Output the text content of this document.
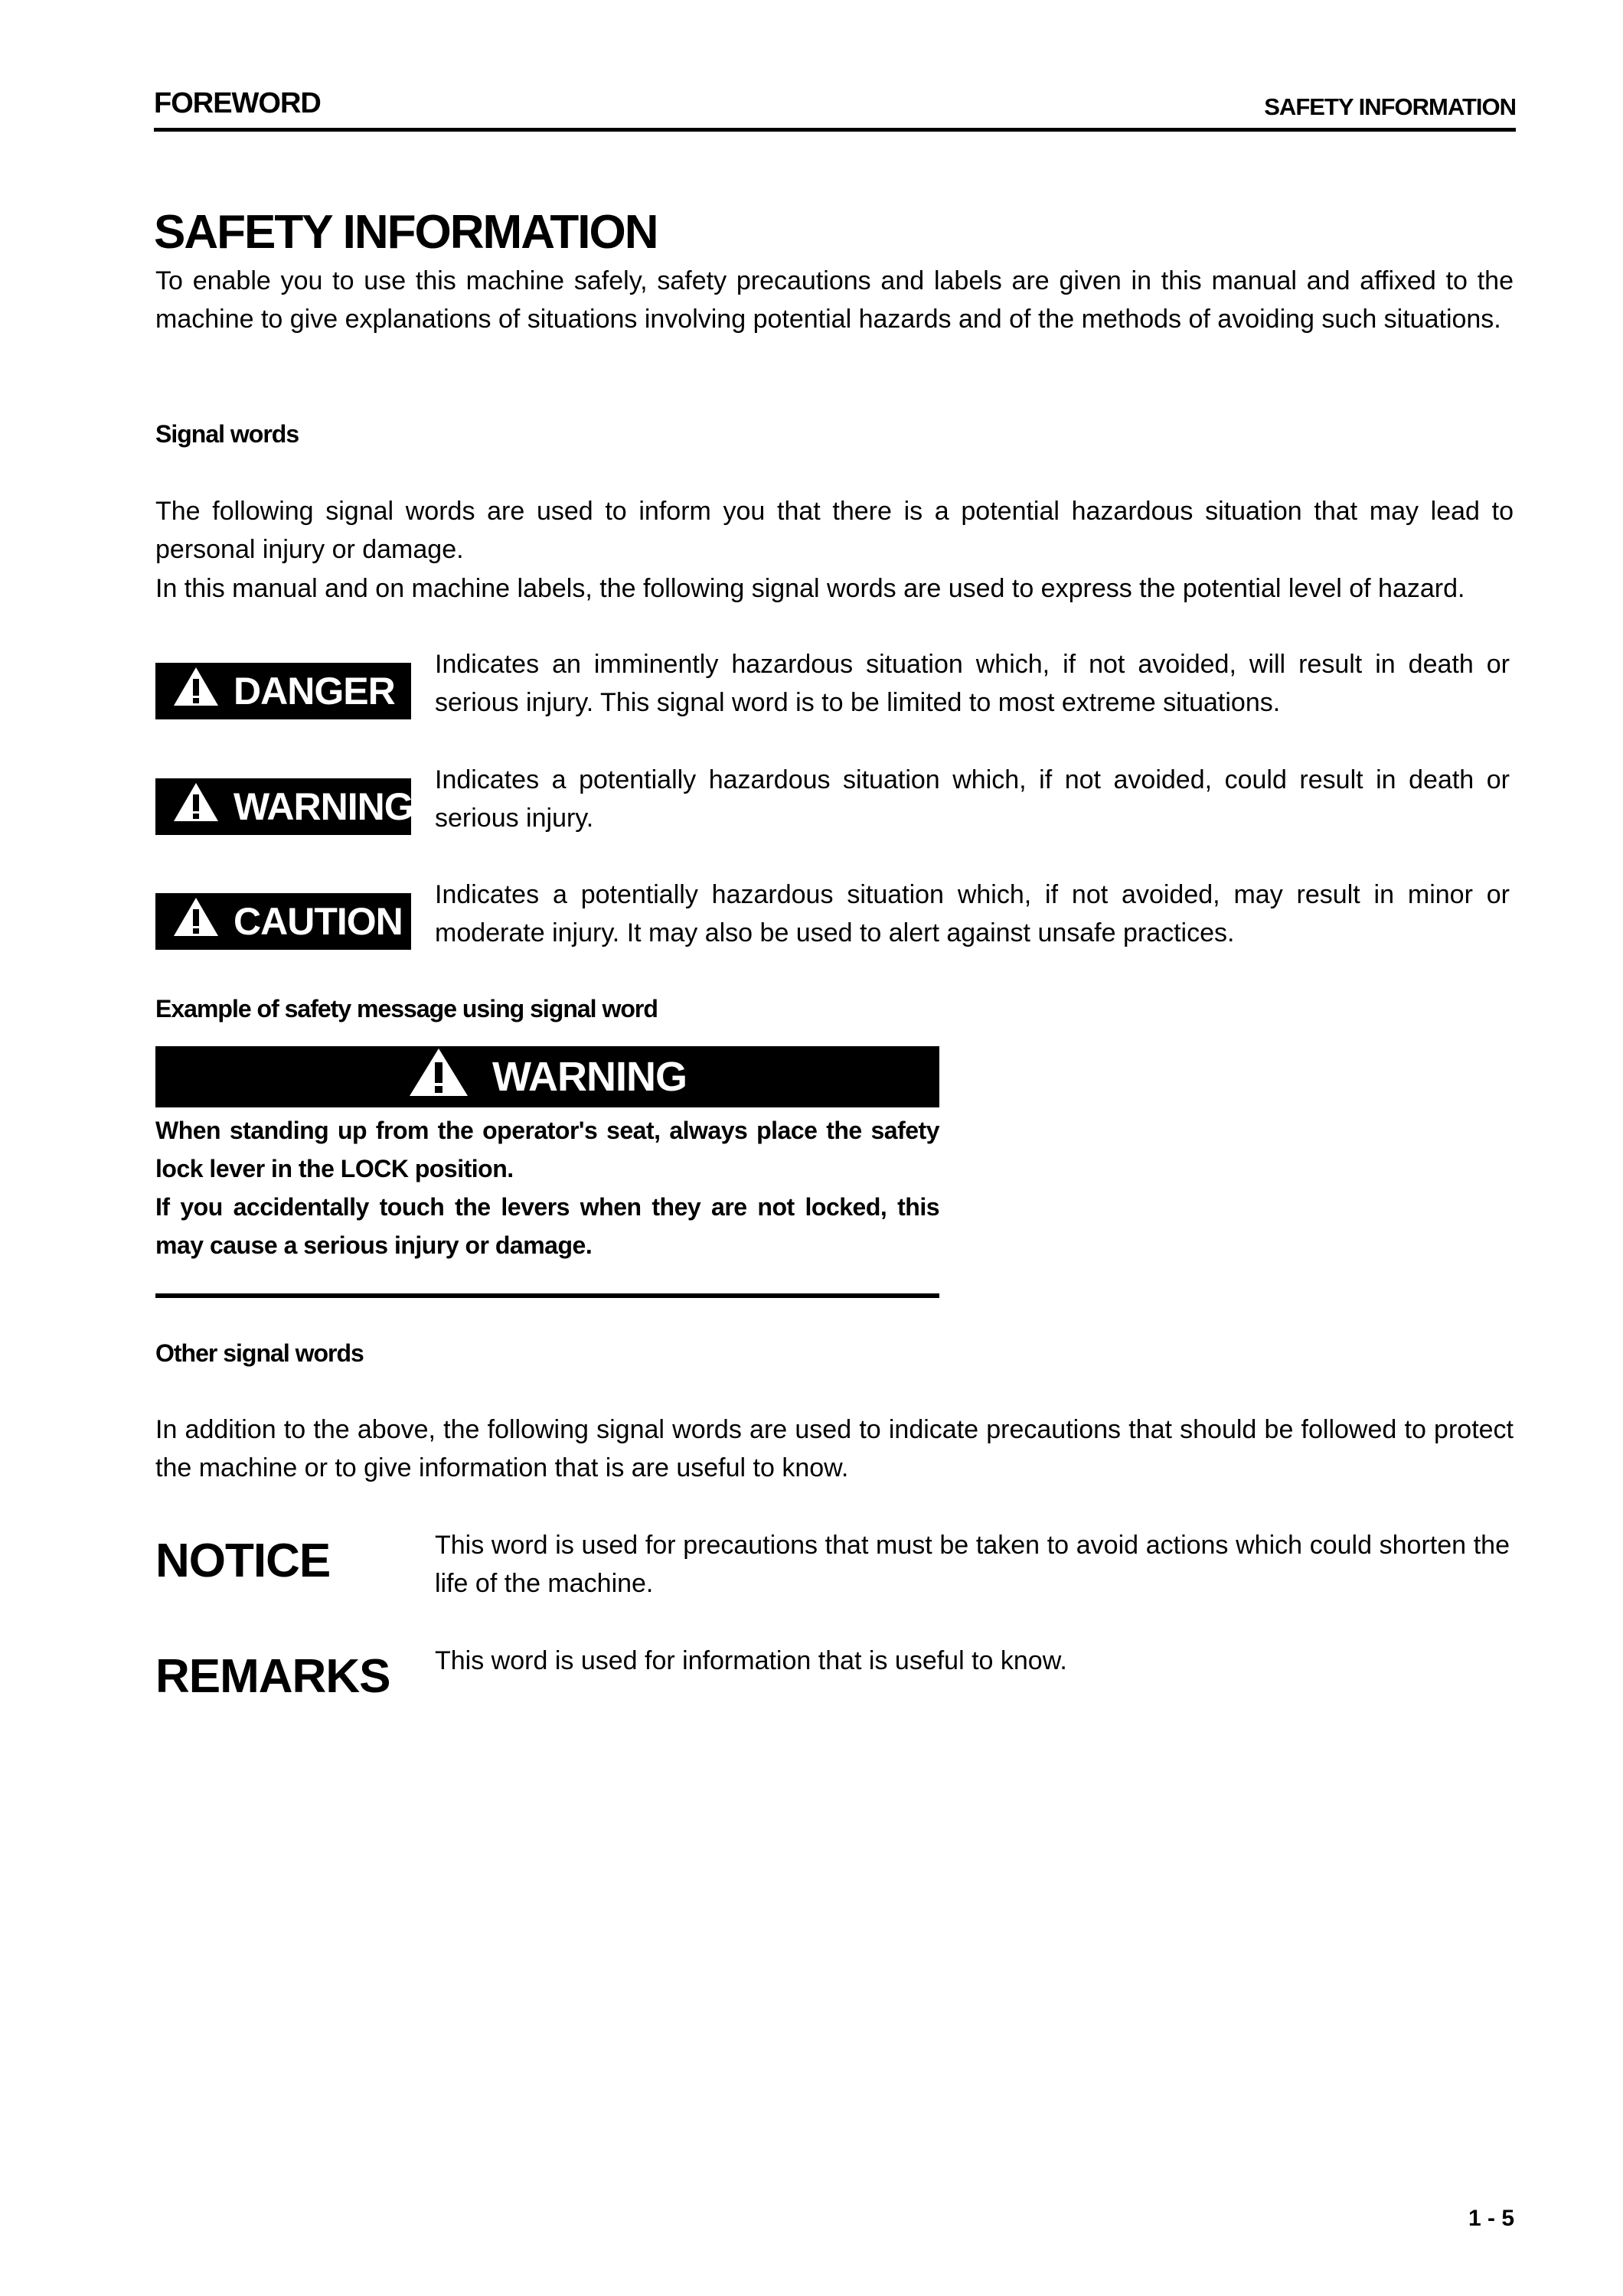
FOREWORD	SAFETY INFORMATION
SAFETY INFORMATION
To enable you to use this machine safely, safety precautions and labels are given in this manual and affixed to the machine to give explanations of situations involving potential hazards and of the methods of avoiding such situations.
Signal words
The following signal words are used to inform you that there is a potential hazardous situation that may lead to personal injury or damage.
In this manual and on machine labels, the following signal words are used to express the potential level of hazard.
DANGER
Indicates an imminently hazardous situation which, if not avoided, will result in death or serious injury. This signal word is to be limited to most extreme situations.
WARNING
Indicates a potentially hazardous situation which, if not avoided, could result in death or serious injury.
CAUTION
Indicates a potentially hazardous situation which, if not avoided, may result in minor or moderate injury. It may also be used to alert against unsafe practices.
Example of safety message using signal word
WARNING
When standing up from the operator's seat, always place the safety lock lever in the LOCK position.
If you accidentally touch the levers when they are not locked, this may cause a serious injury or damage.
Other signal words
In addition to the above, the following signal words are used to indicate precautions that should be followed to protect the machine or to give information that is are useful to know.
NOTICE	This word is used for precautions that must be taken to avoid actions which could shorten the life of the machine.
REMARKS This word is used for information that is useful to know.
1 - 5
